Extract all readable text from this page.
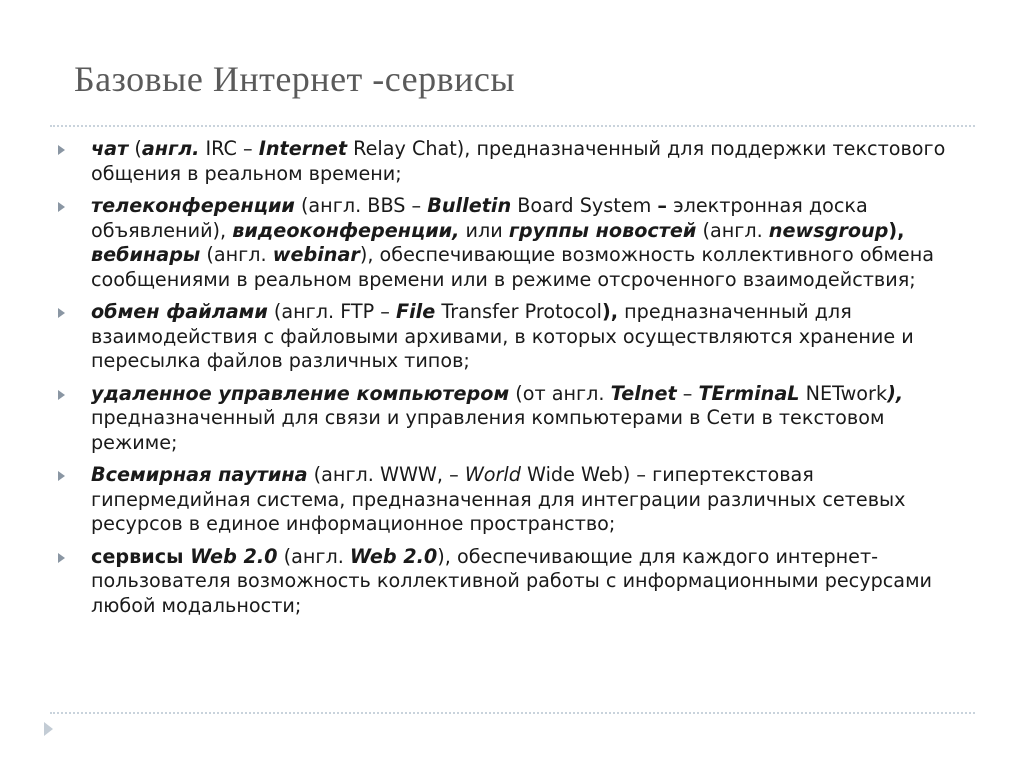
Базовые Интернет -сервисы
чат (англ. IRC – Internet Relay Chat), предназначенный для поддержки текстового общения в реальном времени;
телеконференции (англ. BBS – Bulletin Board System – электронная доска объявлений), видеоконференции, или группы новостей (англ. newsgroup), вебинары (англ. webinar), обеспечивающие возможность коллективного обмена сообщениями в реальном времени или в режиме отсроченного взаимодействия;
обмен файлами (англ. FTP – File Transfer Protocol), предназначенный для взаимодействия с файловыми архивами, в которых осуществляются хранение и пересылка файлов различных типов;
удаленное управление компьютером (от англ. Telnet – TErminaL NETwork), предназначенный для связи и управления компьютерами в Сети в текстовом режиме;
Всемирная паутина (англ. WWW, – World Wide Web) – гипертекстовая гипермедийная система, предназначенная для интеграции различных сетевых ресурсов в единое информационное пространство;
сервисы Web 2.0 (англ. Web 2.0), обеспечивающие для каждого интернет-пользователя возможность коллективной работы с информационными ресурсами любой модальности;
